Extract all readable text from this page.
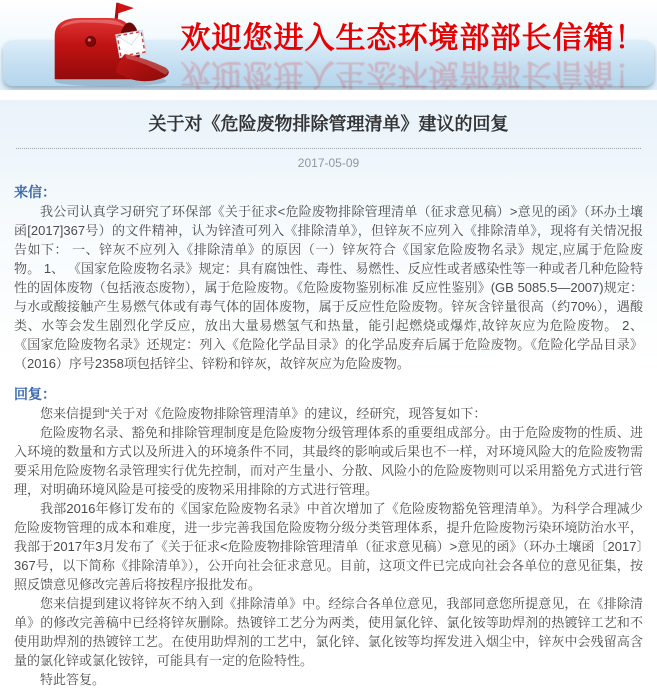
欢迎您进入生态环境部部长信箱！
欢迎您进入生态环境部部长信箱！
关于对《危险废物排除管理清单》建议的回复
2017-05-09
来信：

我公司认真学习研究了环保部《关于征求<危险废物排除管理清单（征求意见稿）>意见的函》（环办土壤函[2017]367号）的文件精神，认为锌渣可列入《排除清单》，但锌灰不应列入《排除清单》，现将有关情况报告如下： 一、锌灰不应列入《排除清单》的原因（一）锌灰符合《国家危险废物名录》规定,应属于危险废物。 1、 《国家危险废物名录》规定：具有腐蚀性、毒性、易燃性、反应性或者感染性等一种或者几种危险特性的固体废物（包括液态废物），属于危险废物。《危险废物鉴别标准 反应性鉴别》(GB 5085.5—2007)规定：与水或酸接触产生易燃气体或有毒气体的固体废物，属于反应性危险废物。锌灰含锌量很高（约70%），遇酸类、水等会发生剧烈化学反应，放出大量易燃氢气和热量，能引起燃烧或爆炸,故锌灰应为危险废物。 2、 《国家危险废物名录》还规定：列入《危险化学品目录》的化学品废弃后属于危险废物。《危险化学品目录》（2016）序号2358项包括锌尘、锌粉和锌灰，故锌灰应为危险废物。

回复：

您来信提到“关于对《危险废物排除管理清单》的建议，经研究，现答复如下：

危险废物名录、豁免和排除管理制度是危险废物分级管理体系的重要组成部分。由于危险废物的性质、进入环境的数量和方式以及所进入的环境条件不同，其最终的影响或后果也不一样，对环境风险大的危险废物需要采用危险废物名录管理实行优先控制，而对产生量小、分散、风险小的危险废物则可以采用豁免方式进行管理，对明确环境风险是可接受的废物采用排除的方式进行管理。

我部2016年修订发布的《国家危险废物名录》中首次增加了《危险废物豁免管理清单》。为科学合理减少危险废物管理的成本和难度，进一步完善我国危险废物分级分类管理体系，提升危险废物污染环境防治水平，我部于2017年3月发布了《关于征求<危险废物排除管理清单（征求意见稿）>意见的函》（环办土壤函〔2017〕367号，以下简称《排除清单》），公开向社会征求意见。目前，这项文件已完成向社会各单位的意见征集，按照反馈意见修改完善后将按程序报批发布。

您来信提到建议将锌灰不纳入到《排除清单》中。经综合各单位意见，我部同意您所提意见，在《排除清单》的修改完善稿中已经将锌灰删除。热镀锌工艺分为两类，使用氯化锌、氯化铵等助焊剂的热镀锌工艺和不使用助焊剂的热镀锌工艺。在使用助焊剂的工艺中，氯化锌、氯化铵等均挥发进入烟尘中，锌灰中会残留高含量的氯化锌或氯化铵锌，可能具有一定的危险特性。

特此答复。
